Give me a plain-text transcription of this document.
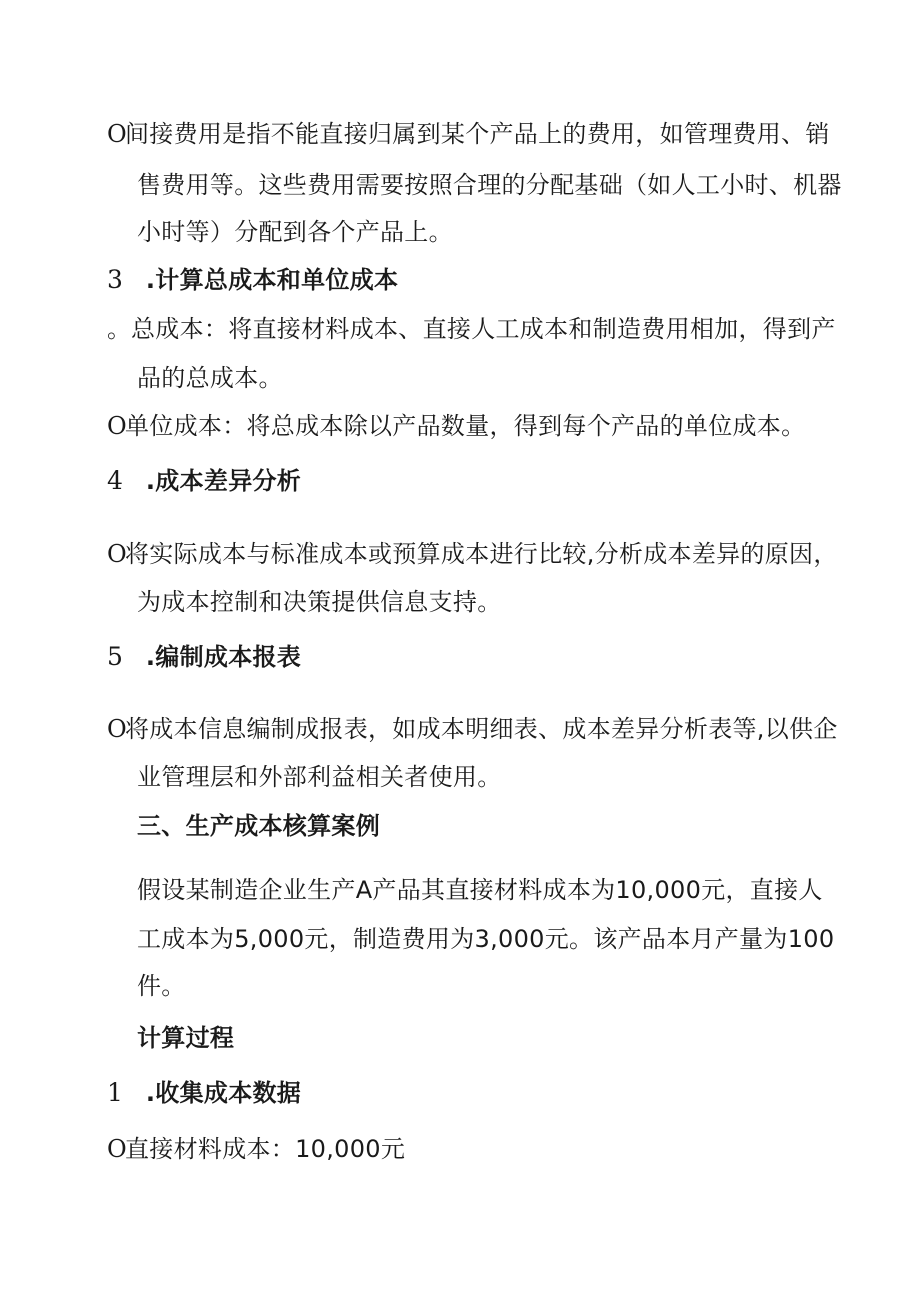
O
间接费用是指不能直接归属到某个产品上的费用，如管理费用、销
售费用等。这些费用需要按照合理的分配基础（如人工小时、机器
小时等）分配到各个产品上。
3 .计算总成本和单位成本
。 总成本：将直接材料成本、直接人工成本和制造费用相加，得到产
品的总成本。
O
单位成本：将总成本除以产品数量，得到每个产品的单位成本。
4 .成本差异分析
O
将实际成本与标准成本或预算成本进行比较,分析成本差异的原因，
为成本控制和决策提供信息支持。
5 .编制成本报表
O
将成本信息编制成报表，如成本明细表、成本差异分析表等,以供企
业管理层和外部利益相关者使用。
三、生产成本核算案例
假设某制造企业生产A产品其直接材料成本为10,000元，直接人
工成本为5,000元，制造费用为3,000元。该产品本月产量为100
件。
计算过程
1 .收集成本数据
O
直接材料成本：10,000元
